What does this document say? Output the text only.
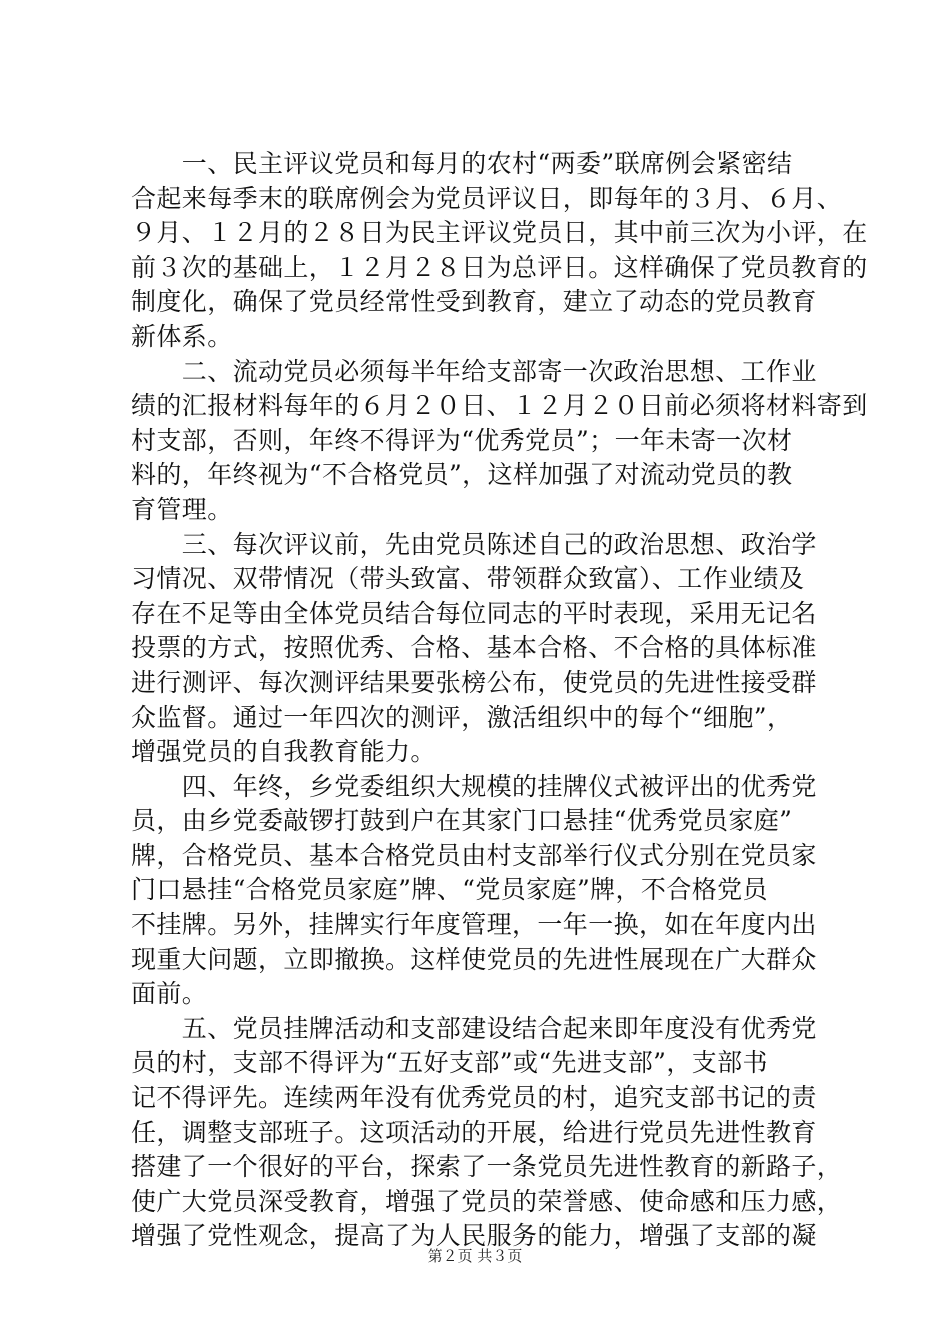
　　一、民主评议党员和每月的农村“两委”联席例会紧密结
合起来每季末的联席例会为党员评议日，即每年的３月、６月、
９月、１２月的２８日为民主评议党员日，其中前三次为小评，在
前３次的基础上，１２月２８日为总评日。这样确保了党员教育的
制度化，确保了党员经常性受到教育，建立了动态的党员教育
新体系。
　　二、流动党员必须每半年给支部寄一次政治思想、工作业
绩的汇报材料每年的６月２０日、１２月２０日前必须将材料寄到
村支部，否则，年终不得评为“优秀党员”；一年未寄一次材
料的，年终视为“不合格党员”，这样加强了对流动党员的教
育管理。
　　三、每次评议前，先由党员陈述自己的政治思想、政治学
习情况、双带情况（带头致富、带领群众致富）、工作业绩及
存在不足等由全体党员结合每位同志的平时表现，采用无记名
投票的方式，按照优秀、合格、基本合格、不合格的具体标准
进行测评、每次测评结果要张榜公布，使党员的先进性接受群
众监督。通过一年四次的测评，激活组织中的每个“细胞”，
增强党员的自我教育能力。
　　四、年终，乡党委组织大规模的挂牌仪式被评出的优秀党
员，由乡党委敲锣打鼓到户在其家门口悬挂“优秀党员家庭”
牌，合格党员、基本合格党员由村支部举行仪式分别在党员家
门口悬挂“合格党员家庭”牌、“党员家庭”牌，不合格党员
不挂牌。另外，挂牌实行年度管理，一年一换，如在年度内出
现重大问题，立即撤换。这样使党员的先进性展现在广大群众
面前。
　　五、党员挂牌活动和支部建设结合起来即年度没有优秀党
员的村，支部不得评为“五好支部”或“先进支部”，支部书
记不得评先。连续两年没有优秀党员的村，追究支部书记的责
任，调整支部班子。这项活动的开展，给进行党员先进性教育
搭建了一个很好的平台，探索了一条党员先进性教育的新路子，
使广大党员深受教育，增强了党员的荣誉感、使命感和压力感，
增强了党性观念，提高了为人民服务的能力，增强了支部的凝
第２页 共３页
